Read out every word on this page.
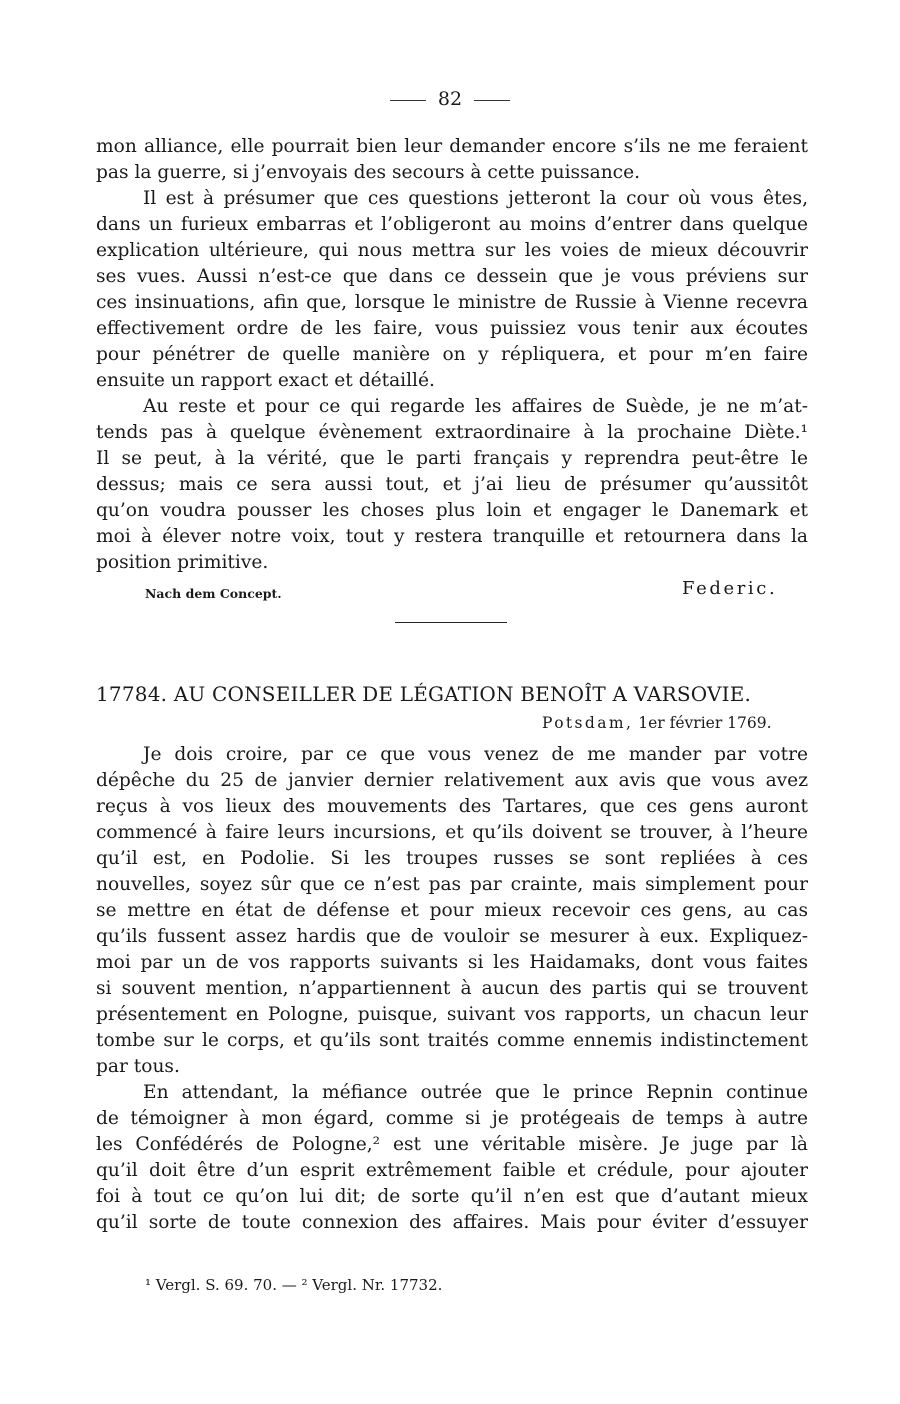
82
mon alliance, elle pourrait bien leur demander encore s’ils ne me feraient
pas la guerre, si j’envoyais des secours à cette puissance.
Il est à présumer que ces questions jetteront la cour où vous êtes,
dans un furieux embarras et l’obligeront au moins d’entrer dans quelque
explication ultérieure, qui nous mettra sur les voies de mieux découvrir
ses vues. Aussi n’est-ce que dans ce dessein que je vous préviens sur
ces insinuations, afin que, lorsque le ministre de Russie à Vienne recevra
effectivement ordre de les faire, vous puissiez vous tenir aux écoutes
pour pénétrer de quelle manière on y répliquera, et pour m’en faire
ensuite un rapport exact et détaillé.
Au reste et pour ce qui regarde les affaires de Suède, je ne m’at-
tends pas à quelque évènement extraordinaire à la prochaine Diète.¹
Il se peut, à la vérité, que le parti français y reprendra peut-être le
dessus; mais ce sera aussi tout, et j’ai lieu de présumer qu’aussitôt
qu’on voudra pousser les choses plus loin et engager le Danemark et
moi à élever notre voix, tout y restera tranquille et retournera dans la
position primitive.
Nach dem Concept.	Federic.
17784. AU CONSEILLER DE LÉGATION BENOÎT A VARSOVIE.
Potsdam, 1er février 1769.
Je dois croire, par ce que vous venez de me mander par votre
dépêche du 25 de janvier dernier relativement aux avis que vous avez
reçus à vos lieux des mouvements des Tartares, que ces gens auront
commencé à faire leurs incursions, et qu’ils doivent se trouver, à l’heure
qu’il est, en Podolie. Si les troupes russes se sont repliées à ces
nouvelles, soyez sûr que ce n’est pas par crainte, mais simplement pour
se mettre en état de défense et pour mieux recevoir ces gens, au cas
qu’ils fussent assez hardis que de vouloir se mesurer à eux. Expliquez-
moi par un de vos rapports suivants si les Haidamaks, dont vous faites
si souvent mention, n’appartiennent à aucun des partis qui se trouvent
présentement en Pologne, puisque, suivant vos rapports, un chacun leur
tombe sur le corps, et qu’ils sont traités comme ennemis indistinctement
par tous.
En attendant, la méfiance outrée que le prince Repnin continue
de témoigner à mon égard, comme si je protégeais de temps à autre
les Confédérés de Pologne,² est une véritable misère. Je juge par là
qu’il doit être d’un esprit extrêmement faible et crédule, pour ajouter
foi à tout ce qu’on lui dit; de sorte qu’il n’en est que d’autant mieux
qu’il sorte de toute connexion des affaires. Mais pour éviter d’essuyer
¹ Vergl. S. 69. 70. — ² Vergl. Nr. 17732.
